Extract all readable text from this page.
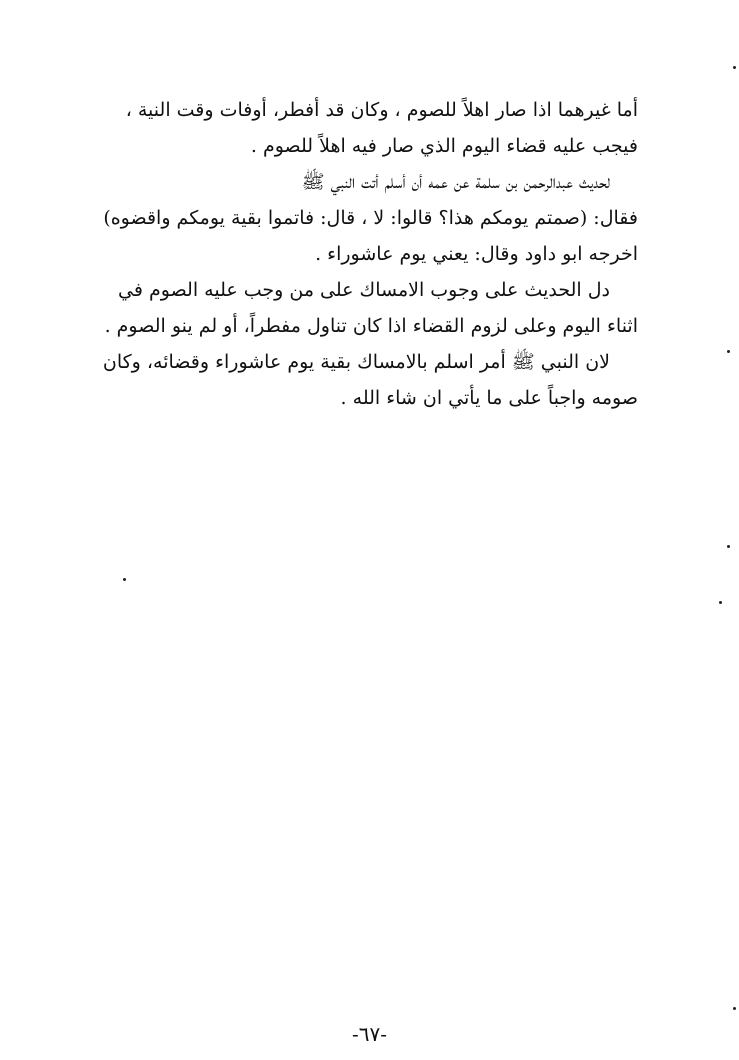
أما غيرهما اذا صار اهلاً للصوم ، وكان قد أفطر، أوفات وقت النية ،
فيجب عليه قضاء اليوم الذي صار فيه اهلاً للصوم .
لحديث عبدالرحمن بن سلمة عن عمه أن أسلم أتت النبي ﷺ
فقال: (صمتم يومكم هذا؟ قالوا: لا ، قال: فاتموا بقية يومكم واقضوه)
اخرجه ابو داود وقال: يعني يوم عاشوراء .
دل الحديث على وجوب الامساك على من وجب عليه الصوم في
اثناء اليوم وعلى لزوم القضاء اذا كان تناول مفطراً، أو لم ينو الصوم .
لان النبي ﷺ أمر اسلم بالامساك بقية يوم عاشوراء وقضائه، وكان
صومه واجباً على ما يأتي ان شاء الله .
-٦٧-
